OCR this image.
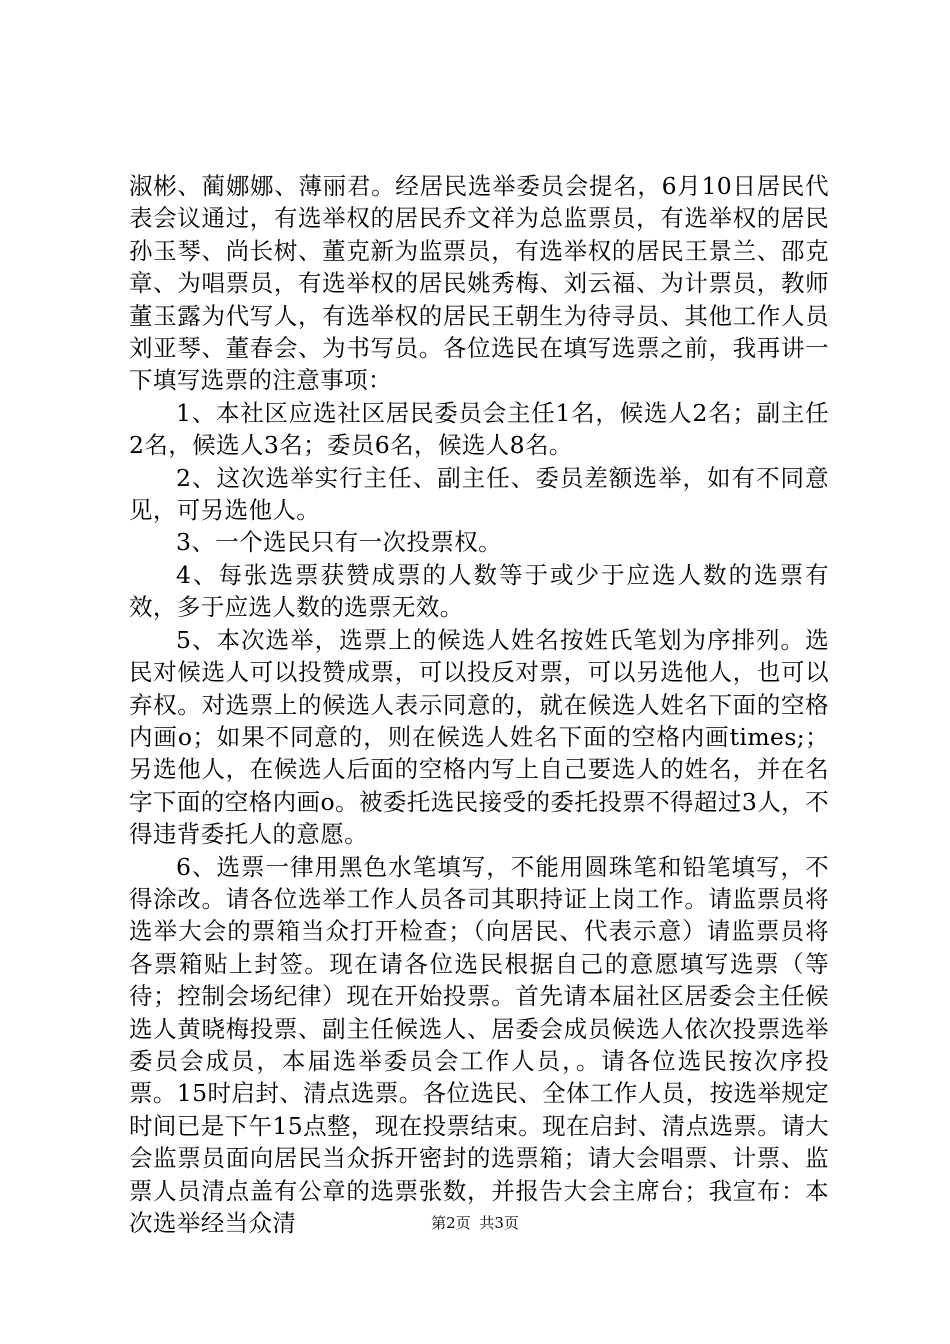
淑彬、蔺娜娜、薄丽君。经居民选举委员会提名，6月10日居民代表会议通过，有选举权的居民乔文祥为总监票员，有选举权的居民孙玉琴、尚长树、董克新为监票员，有选举权的居民王景兰、邵克章、为唱票员，有选举权的居民姚秀梅、刘云福、为计票员，教师董玉露为代写人，有选举权的居民王朝生为待寻员、其他工作人员刘亚琴、董春会、为书写员。各位选民在填写选票之前，我再讲一下填写选票的注意事项：

1、本社区应选社区居民委员会主任1名，候选人2名；副主任2名，候选人3名；委员6名，候选人8名。

2、这次选举实行主任、副主任、委员差额选举，如有不同意见，可另选他人。

3、一个选民只有一次投票权。

4、每张选票获赞成票的人数等于或少于应选人数的选票有效，多于应选人数的选票无效。

5、本次选举，选票上的候选人姓名按姓氏笔划为序排列。选民对候选人可以投赞成票，可以投反对票，可以另选他人，也可以弃权。对选票上的候选人表示同意的，就在候选人姓名下面的空格内画o；如果不同意的，则在候选人姓名下面的空格内画times;；另选他人，在候选人后面的空格内写上自己要选人的姓名，并在名字下面的空格内画o。被委托选民接受的委托投票不得超过3人，不得违背委托人的意愿。

6、选票一律用黑色水笔填写，不能用圆珠笔和铅笔填写，不得涂改。请各位选举工作人员各司其职持证上岗工作。请监票员将选举大会的票箱当众打开检查；（向居民、代表示意）请监票员将各票箱贴上封签。现在请各位选民根据自己的意愿填写选票（等待；控制会场纪律）现在开始投票。首先请本届社区居委会主任候选人黄晓梅投票、副主任候选人、居委会成员候选人依次投票选举委员会成员，本届选举委员会工作人员，。请各位选民按次序投票。15时启封、清点选票。各位选民、全体工作人员，按选举规定时间已是下午15点整，现在投票结束。现在启封、清点选票。请大会监票员面向居民当众拆开密封的选票箱；请大会唱票、计票、监票人员清点盖有公章的选票张数，并报告大会主席台；我宣布：本次选举经当众清	第2页 共3页
